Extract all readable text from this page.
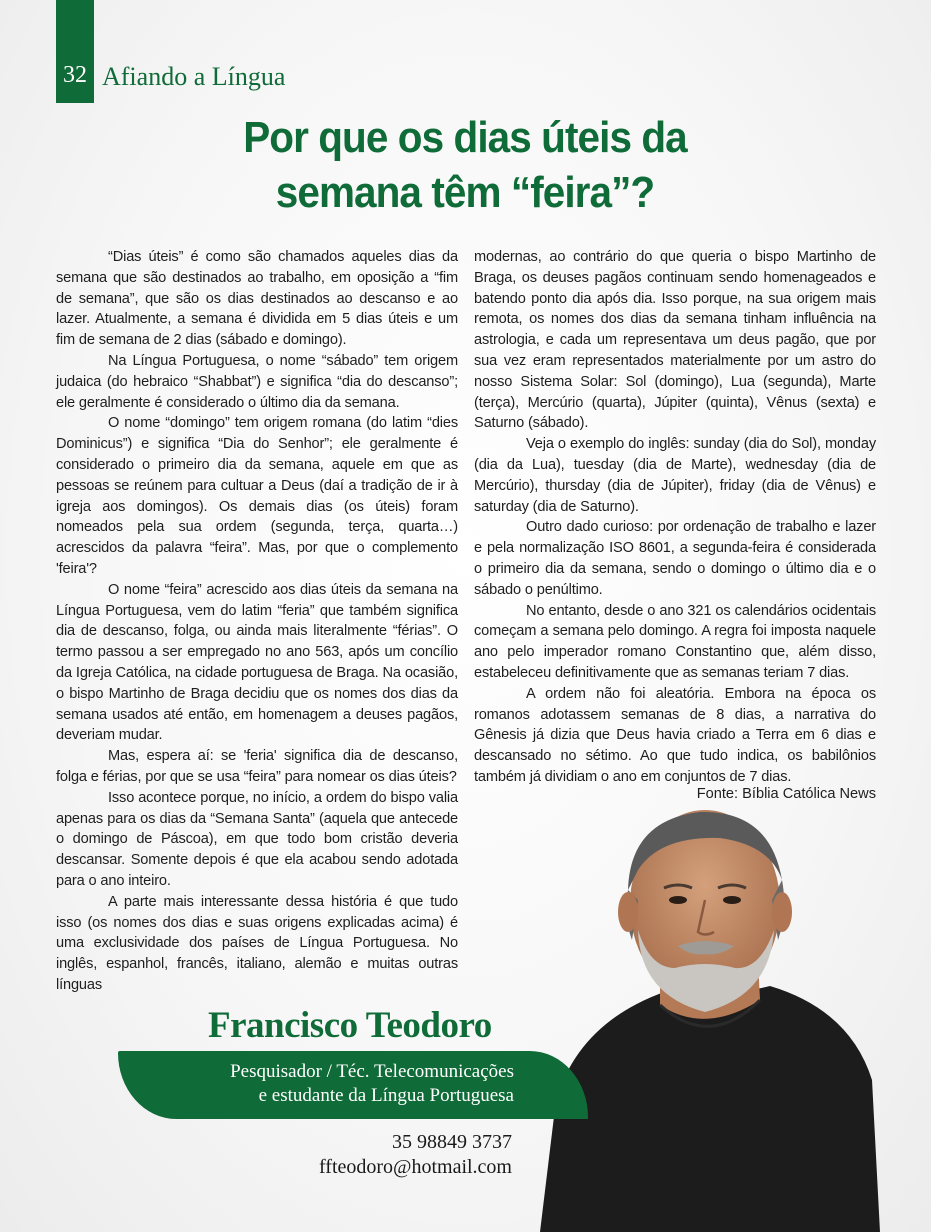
32 Afiando a Língua
Por que os dias úteis da
semana têm “feira”?

“Dias úteis” é como são chamados aqueles dias da semana que são destinados ao trabalho, em oposição a “fim de semana”, que são os dias destinados ao descanso e ao lazer. Atualmente, a semana é dividida em 5 dias úteis e um fim de semana de 2 dias (sábado e domingo).

Na Língua Portuguesa, o nome “sábado” tem origem judaica (do hebraico “Shabbat”) e significa “dia do descanso”; ele geralmente é considerado o último dia da semana.

O nome “domingo” tem origem romana (do latim “dies Dominicus”) e significa “Dia do Senhor”; ele geralmente é considerado o primeiro dia da semana, aquele em que as pessoas se reúnem para cultuar a Deus (daí a tradição de ir à igreja aos domingos). Os demais dias (os úteis) foram nomeados pela sua ordem (segunda, terça, quarta…) acrescidos da palavra “feira”. Mas, por que o complemento 'feira'?

O nome “feira” acrescido aos dias úteis da semana na Língua Portuguesa, vem do latim “feria” que também significa dia de descanso, folga, ou ainda mais literalmente “férias”. O termo passou a ser empregado no ano 563, após um concílio da Igreja Católica, na cidade portuguesa de Braga. Na ocasião, o bispo Martinho de Braga decidiu que os nomes dos dias da semana usados até então, em homenagem a deuses pagãos, deveriam mudar.

Mas, espera aí: se 'feria' significa dia de descanso, folga e férias, por que se usa “feira” para nomear os dias úteis?

Isso acontece porque, no início, a ordem do bispo valia apenas para os dias da “Semana Santa” (aquela que antecede o domingo de Páscoa), em que todo bom cristão deveria descansar. Somente depois é que ela acabou sendo adotada para o ano inteiro.

A parte mais interessante dessa história é que tudo isso (os nomes dos dias e suas origens explicadas acima) é uma exclusividade dos países de Língua Portuguesa. No inglês, espanhol, francês, italiano, alemão e muitas outras línguas

modernas, ao contrário do que queria o bispo Martinho de Braga, os deuses pagãos continuam sendo homenageados e batendo ponto dia após dia. Isso porque, na sua origem mais remota, os nomes dos dias da semana tinham influência na astrologia, e cada um representava um deus pagão, que por sua vez eram representados materialmente por um astro do nosso Sistema Solar: Sol (domingo), Lua (segunda), Marte (terça), Mercúrio (quarta), Júpiter (quinta), Vênus (sexta) e Saturno (sábado).

Veja o exemplo do inglês: sunday (dia do Sol), monday (dia da Lua), tuesday (dia de Marte), wednesday (dia de Mercúrio), thursday (dia de Júpiter), friday (dia de Vênus) e saturday (dia de Saturno).

Outro dado curioso: por ordenação de trabalho e lazer e pela normalização ISO 8601, a segunda-feira é considerada o primeiro dia da semana, sendo o domingo o último dia e o sábado o penúltimo.

No entanto, desde o ano 321 os calendários ocidentais começam a semana pelo domingo. A regra foi imposta naquele ano pelo imperador romano Constantino que, além disso, estabeleceu definitivamente que as semanas teriam 7 dias.

A ordem não foi aleatória. Embora na época os romanos adotassem semanas de 8 dias, a narrativa do Gênesis já dizia que Deus havia criado a Terra em 6 dias e descansado no sétimo. Ao que tudo indica, os babilônios também já dividiam o ano em conjuntos de 7 dias.

Fonte: Bíblia Católica News
Francisco Teodoro
Pesquisador / Téc. Telecomunicações
e estudante da Língua Portuguesa
35 98849 3737
ffteodoro@hotmail.com
